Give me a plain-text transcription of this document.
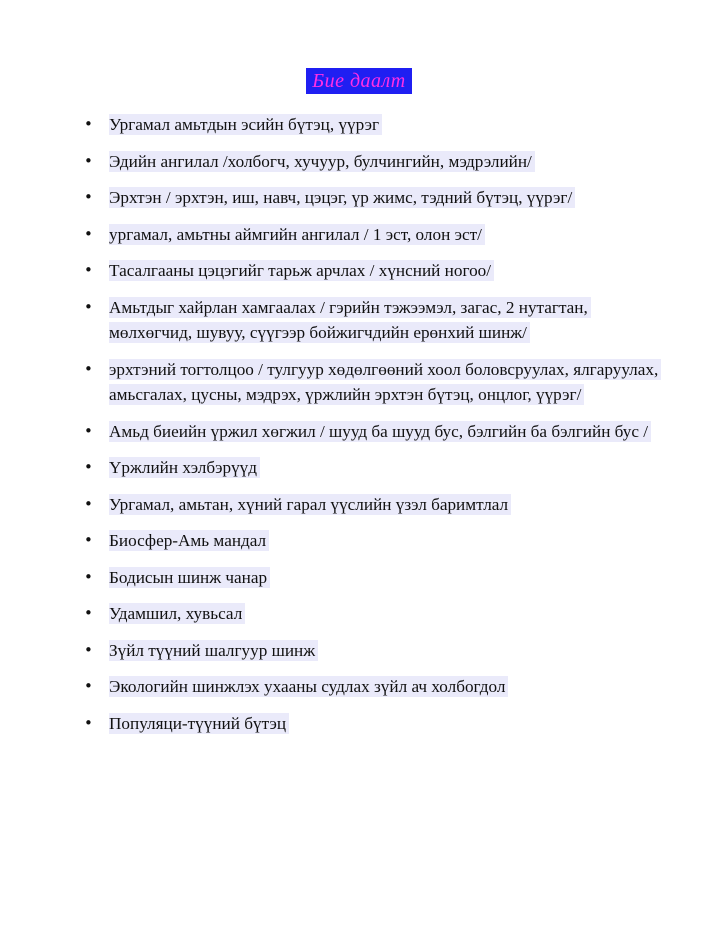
Бие даалт
• Ургамал амьтдын эсийн бүтэц, үүрэг
• Эдийн ангилал /холбогч, хучуур, булчингийн, мэдрэлийн/
• Эрхтэн / эрхтэн, иш, навч, цэцэг, үр жимс, тэдний бүтэц, үүрэг/
• ургамал, амьтны аймгийн ангилал / 1 эст, олон эст/
• Тасалгааны цэцэгийг тарьж арчлах / хүнсний ногоо/
• Амьтдыг хайрлан хамгаалах / гэрийн тэжээмэл, загас, 2 нутагтан, мөлхөгчид, шувуу, сүүгээр бойжигчдийн ерөнхий шинж/
• эрхтэний тогтолцоо / тулгуур хөдөлгөөний хоол боловсруулах, ялгаруулах, амьсгалах, цусны, мэдрэх, үржлийн эрхтэн бүтэц, онцлог, үүрэг/
• Амьд биеийн үржил хөгжил / шууд ба шууд бус, бэлгийн ба бэлгийн бус /
• Үржлийн хэлбэрүүд
• Ургамал, амьтан, хүний гарал үүслийн үзэл баримтлал
• Биосфер-Амь мандал
• Бодисын шинж чанар
• Удамшил, хувьсал
• Зүйл түүний шалгуур шинж
• Экологийн шинжлэх ухааны судлах зүйл ач холбогдол
• Популяци-түүний бүтэц
